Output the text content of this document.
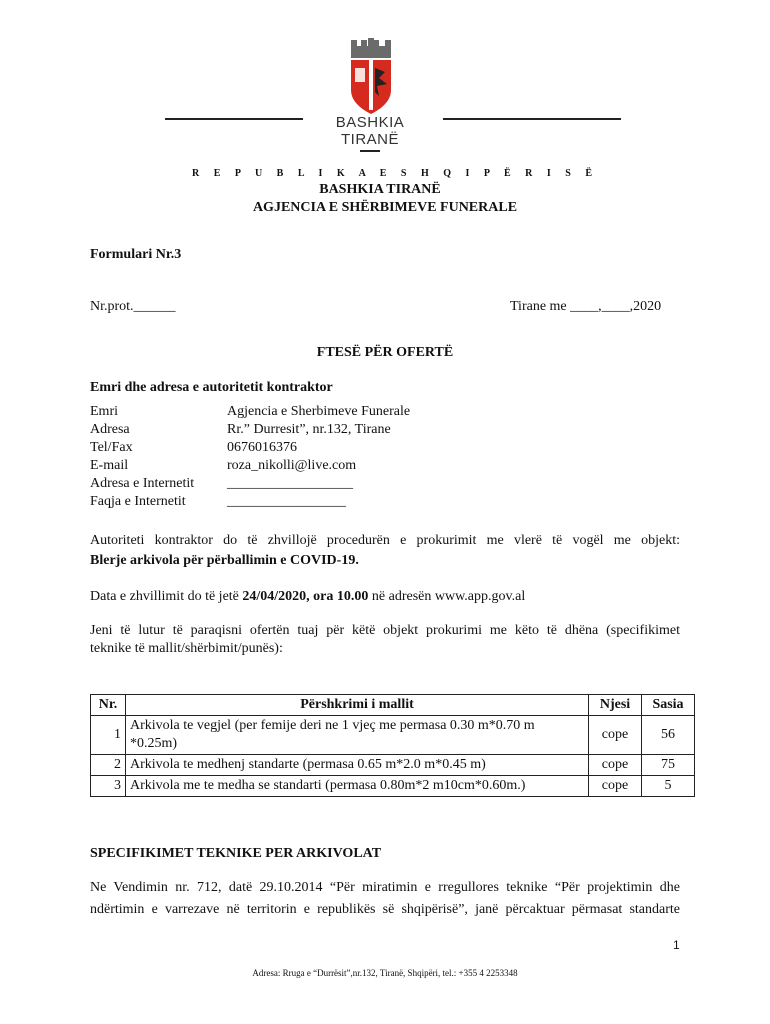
BASHKIA
TIRANË
R E P U B L I K A E S H Q I P Ë R I S Ë
BASHKIA TIRANË
AGJENCIA E SHËRBIMEVE FUNERALE
Formulari Nr.3
Nr.prot.______	Tirane me ____,____,2020
FTESË PËR OFERTË
Emri dhe adresa e autoritetit kontraktor
Emri	Agjencia e Sherbimeve Funerale
Adresa	Rr.” Durresit”, nr.132, Tirane
Tel/Fax	0676016376
E-mail	roza_nikolli@live.com
Adresa e Internetit __________________
Faqja e Internetit	_________________
Autoriteti kontraktor do të zhvillojë procedurën e prokurimit me vlerë të vogël me objekt:
Blerje arkivola për përballimin e COVID-19.
Data e zhvillimit do të jetë 24/04/2020, ora 10.00 në adresën www.app.gov.al
Jeni të lutur të paraqisni ofertën tuaj për këtë objekt prokurimi me këto të dhëna (specifikimet
teknike të mallit/shërbimit/punës):
Nr.	Përshkrimi i mallit	Njesi	Sasia
1	Arkivola te vegjel (per femije deri ne 1 vjeç me permasa 0.30 m*0.70 m
*0.25m)	cope	56
2	Arkivola te medhenj standarte (permasa 0.65 m*2.0 m*0.45 m)	cope	75
3	Arkivola me te medha se standarti (permasa 0.80m*2 m10cm*0.60m.)	cope	5
SPECIFIKIMET TEKNIKE PER ARKIVOLAT
Ne Vendimin nr. 712, datë 29.10.2014 “Për miratimin e rregullores teknike “Për projektimin dhe
ndërtimin e varrezave në territorin e republikës së shqipërisë”, janë përcaktuar përmasat standarte
1
Adresa: Rruga e “Durrësit”,nr.132, Tiranë, Shqipëri, tel.: +355 4 2253348
